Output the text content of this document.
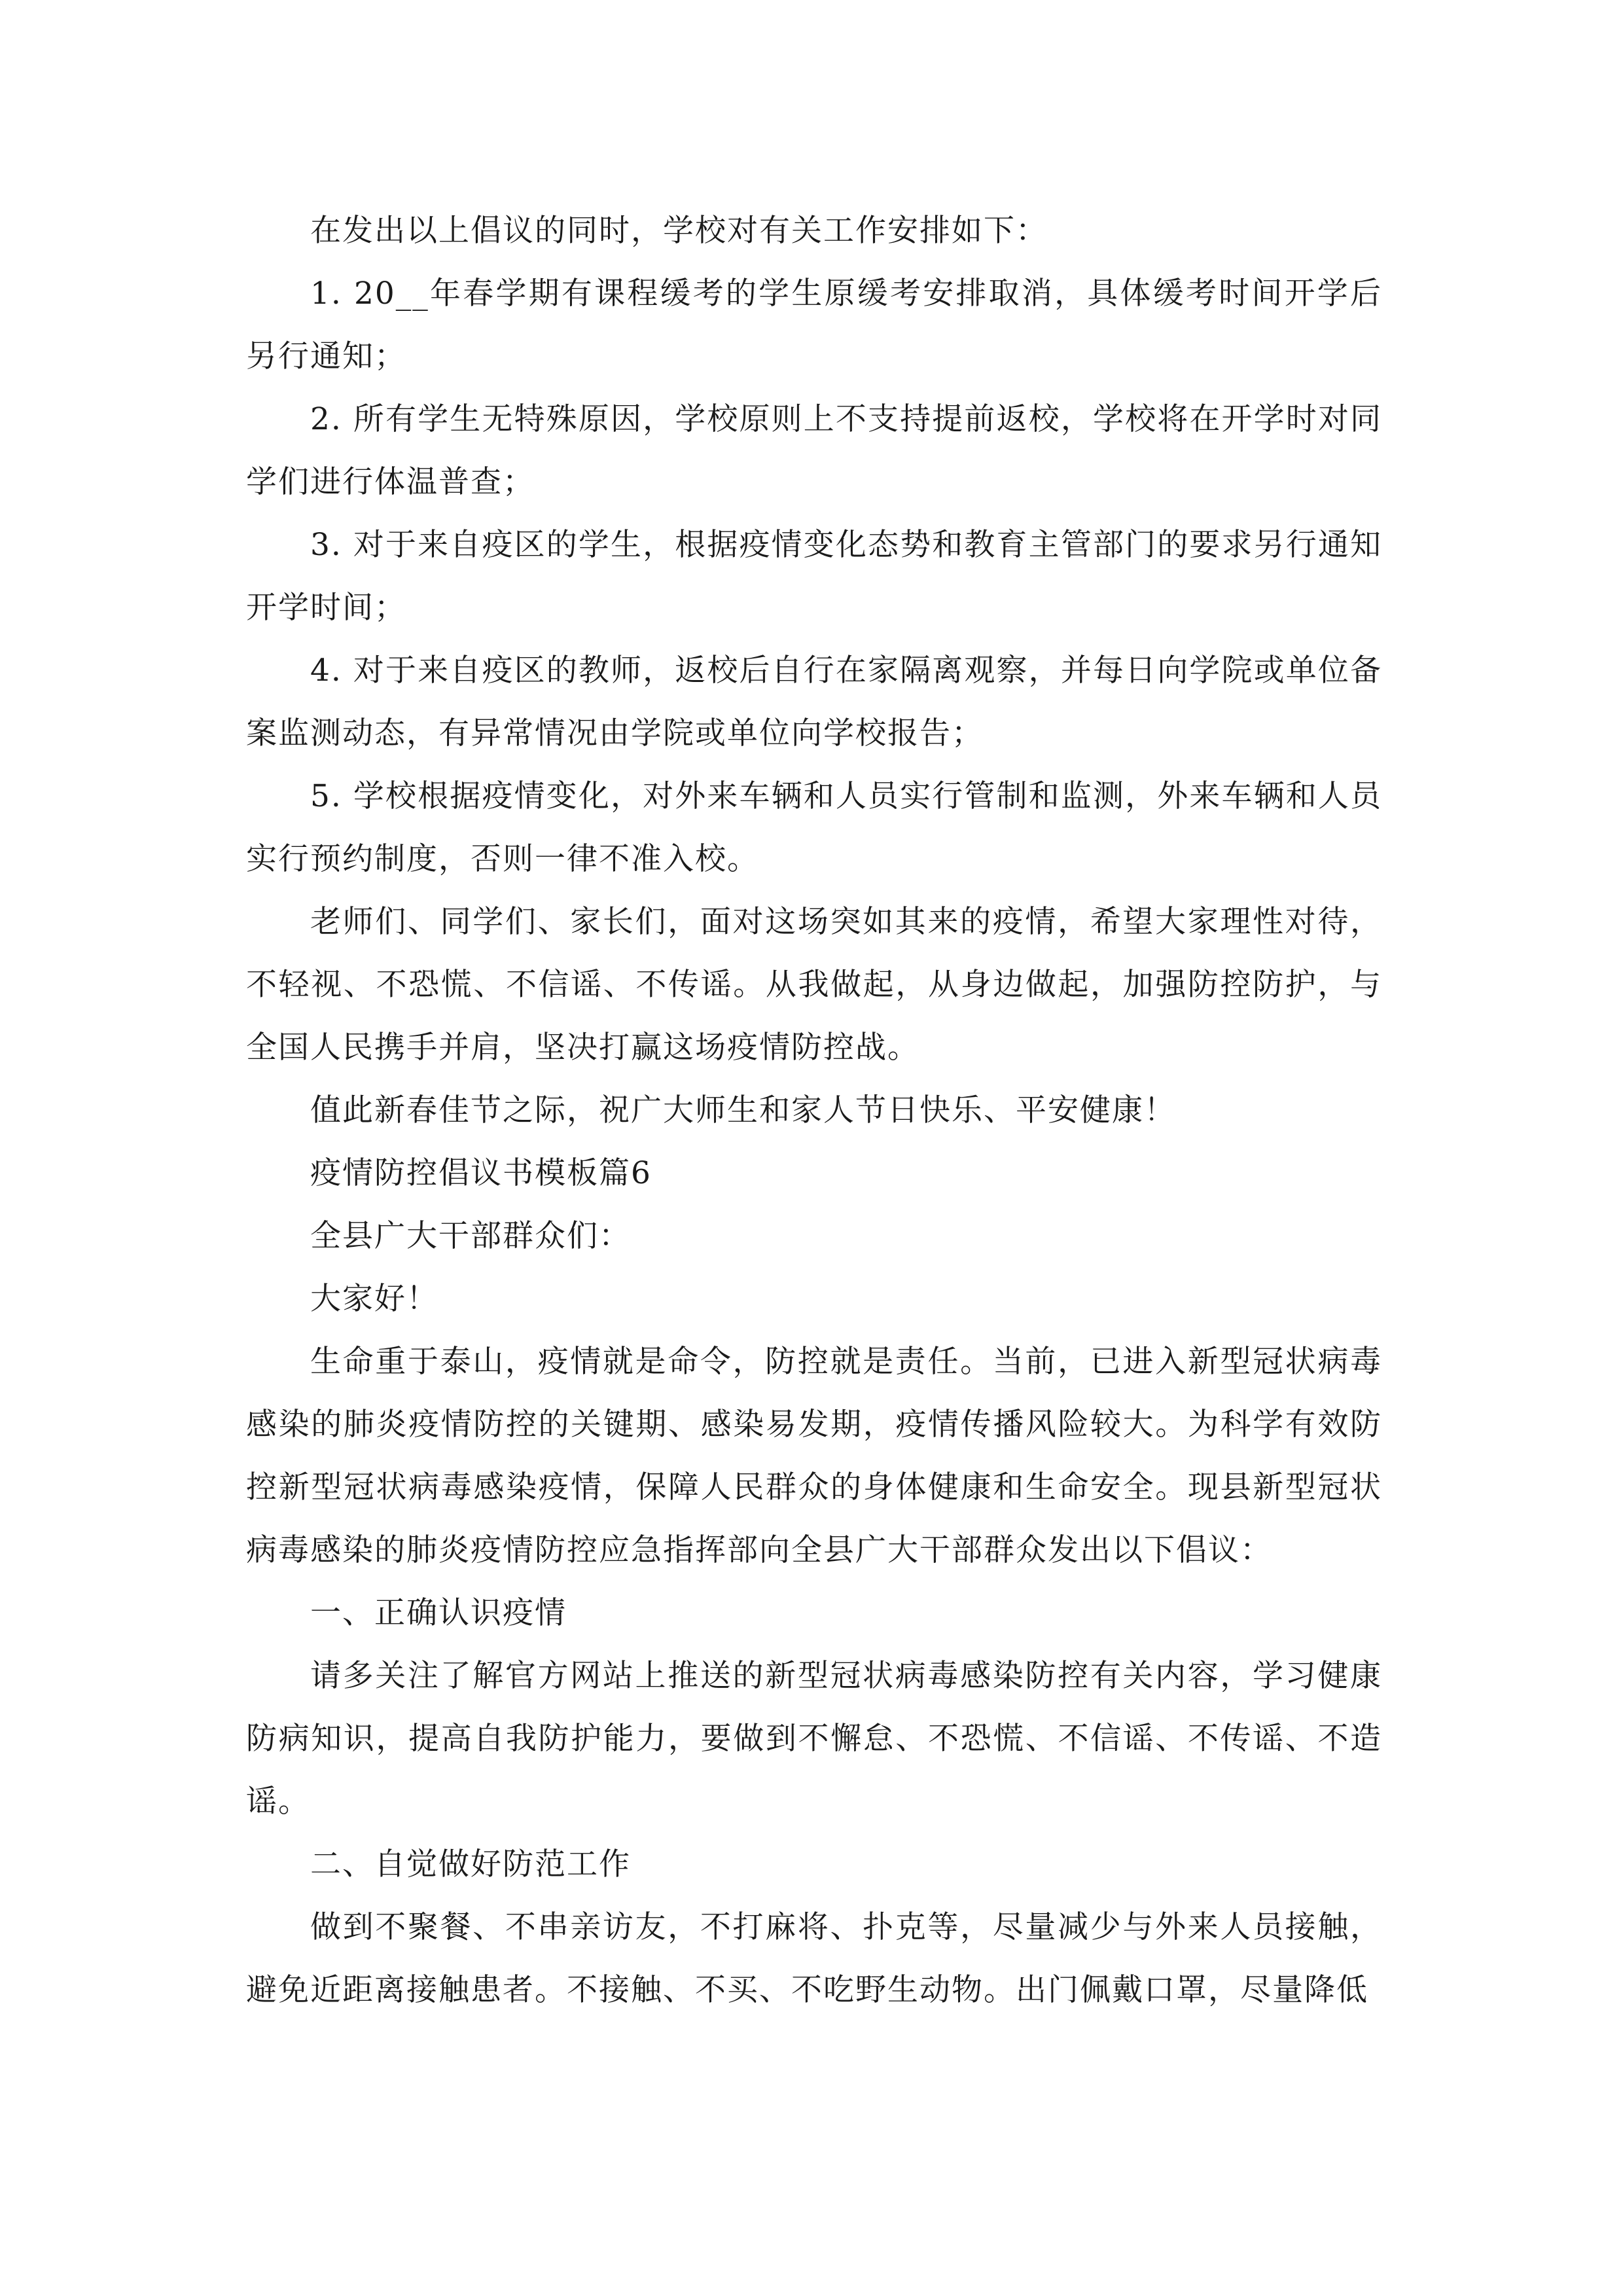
在发出以上倡议的同时，学校对有关工作安排如下：

1. 20__年春学期有课程缓考的学生原缓考安排取消，具体缓考时间开学后另行通知；

2. 所有学生无特殊原因，学校原则上不支持提前返校，学校将在开学时对同学们进行体温普查；

3. 对于来自疫区的学生，根据疫情变化态势和教育主管部门的要求另行通知开学时间；

4. 对于来自疫区的教师，返校后自行在家隔离观察，并每日向学院或单位备案监测动态，有异常情况由学院或单位向学校报告；

5. 学校根据疫情变化，对外来车辆和人员实行管制和监测，外来车辆和人员实行预约制度，否则一律不准入校。

老师们、同学们、家长们，面对这场突如其来的疫情，希望大家理性对待，不轻视、不恐慌、不信谣、不传谣。从我做起，从身边做起，加强防控防护，与全国人民携手并肩，坚决打赢这场疫情防控战。

值此新春佳节之际，祝广大师生和家人节日快乐、平安健康！

疫情防控倡议书模板篇6

全县广大干部群众们：

大家好！

生命重于泰山，疫情就是命令，防控就是责任。当前，已进入新型冠状病毒感染的肺炎疫情防控的关键期、感染易发期，疫情传播风险较大。为科学有效防控新型冠状病毒感染疫情，保障人民群众的身体健康和生命安全。现县新型冠状病毒感染的肺炎疫情防控应急指挥部向全县广大干部群众发出以下倡议：

一、正确认识疫情

请多关注了解官方网站上推送的新型冠状病毒感染防控有关内容，学习健康防病知识，提高自我防护能力，要做到不懈怠、不恐慌、不信谣、不传谣、不造谣。

二、自觉做好防范工作

做到不聚餐、不串亲访友，不打麻将、扑克等，尽量减少与外来人员接触，避免近距离接触患者。不接触、不买、不吃野生动物。出门佩戴口罩，尽量降低
